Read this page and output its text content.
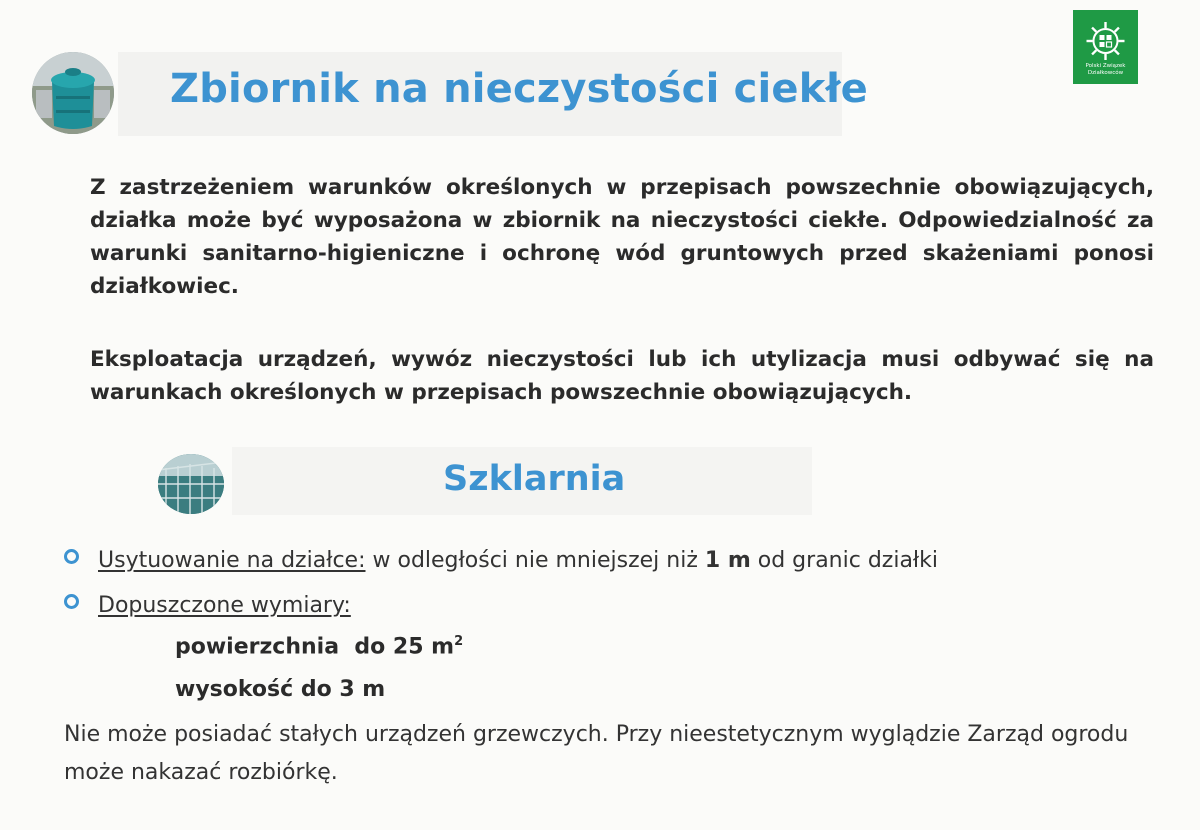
Zbiornik na nieczystości ciekłe	Polski Związek
Działkowców
Z zastrzeżeniem warunków określonych w przepisach powszechnie obowiązujących, działka może być wyposażona w zbiornik na nieczystości ciekłe. Odpowiedzialność za warunki sanitarno-higieniczne i ochronę wód gruntowych przed skażeniami ponosi działkowiec.
Eksploatacja urządzeń, wywóz nieczystości lub ich utylizacja musi odbywać się na warunkach określonych w przepisach powszechnie obowiązujących.
Szklarnia
Usytuowanie na działce: w odległości nie mniejszej niż 1 m od granic działki
Dopuszczone wymiary:
powierzchnia  do 25 $m^2$
wysokość do 3 m
Nie może posiadać stałych urządzeń grzewczych. Przy nieestetycznym wyglądzie Zarząd ogrodu może nakazać rozbiórkę.
